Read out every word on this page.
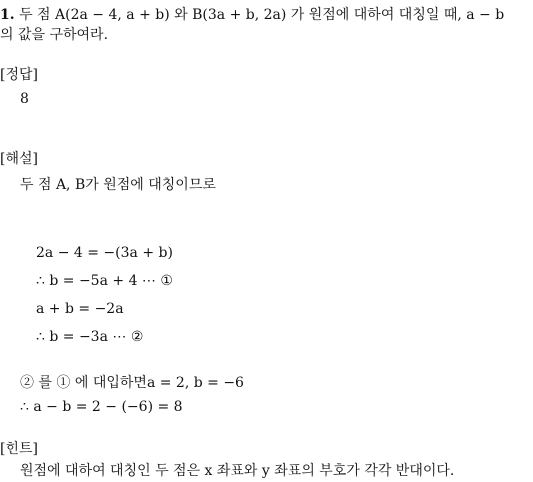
1. 두 점 A(2a − 4, a + b) 와 B(3a + b, 2a) 가 원점에 대하여 대칭일 때, a − b
의 값을 구하여라.
[정답]
8
[해설]
두 점 A, B가 원점에 대칭이므로
2a − 4 = −(3a + b)
∴ b = −5a + 4 ⋯ ①
a + b = −2a
∴ b = −3a ⋯ ②
② 를 ① 에 대입하면a = 2, b = −6
∴ a − b = 2 − (−6) = 8
[힌트]
원점에 대하여 대칭인 두 점은 x 좌표와 y 좌표의 부호가 각각 반대이다.
